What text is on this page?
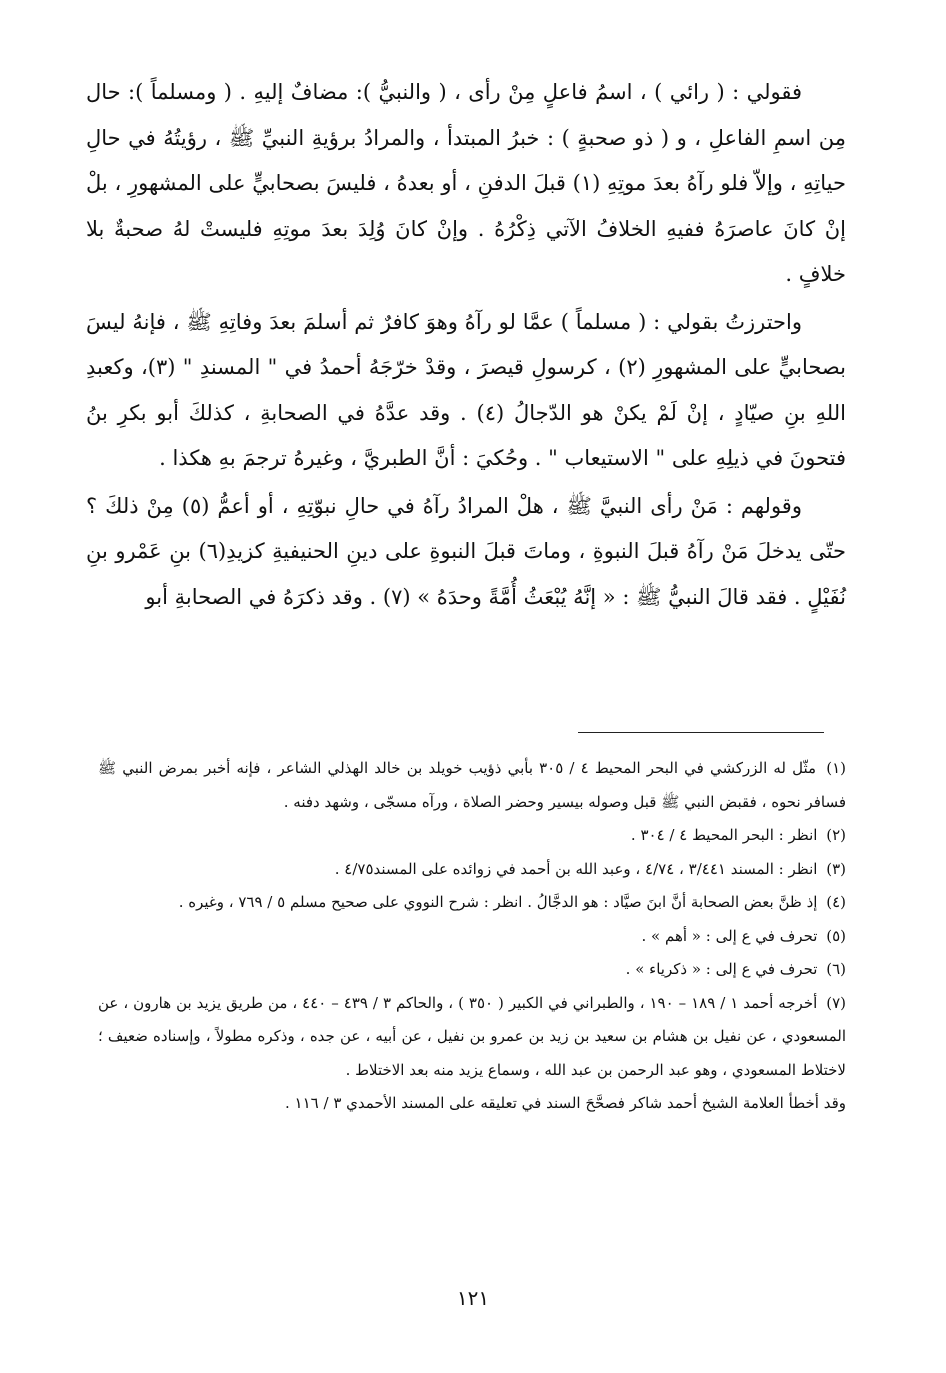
فقولي : ( رائي ) ، اسمُ فاعلٍ مِنْ رأى ، ( والنبيُّ ): مضافٌ إليهِ . ( ومسلماً ): حال مِن اسمِ الفاعلِ ، و ( ذو صحبةٍ ) : خبرُ المبتدأ ، والمرادُ برؤيةِ النبيِّ ﷺ ، رؤيتُهُ في حالِ حياتِهِ ، وإلاّ فلو رآهُ بعدَ موتِهِ (١) قبلَ الدفنِ ، أو بعدهُ ، فليسَ بصحابيٍّ على المشهورِ ، بلْ إنْ كانَ عاصرَهُ ففيهِ الخلافُ الآتي ذِكْرُهُ . وإنْ كانَ وُلِدَ بعدَ موتِهِ فليستْ لهُ صحبةٌ بلا خلافٍ .

واحترزتُ بقولي : ( مسلماً ) عمَّا لو رآهُ وهوَ كافرٌ ثم أسلمَ بعدَ وفاتِهِ ﷺ ، فإنهُ ليسَ بصحابيٍّ على المشهورِ (٢) ، كرسولِ قيصرَ ، وقدْ خرّجَهُ أحمدُ في " المسندِ " (٣)، وكعبدِ اللهِ بنِ صيّادٍ ، إنْ لَمْ يكنْ هو الدّجالُ (٤) . وقد عدَّهُ في الصحابةِ ، كذلكَ أبو بكرِ بنُ فتحونَ في ذيلِهِ على " الاستيعاب " . وحُكيَ : أنَّ الطبريَّ ، وغيرهُ ترجمَ بهِ هكذا .

وقولهم : مَنْ رأى النبيَّ ﷺ ، هلْ المرادُ رآهُ في حالِ نبوّتِهِ ، أو أعمُّ (٥) مِنْ ذلكَ ؟ حتّى يدخلَ مَنْ رآهُ قبلَ النبوةِ ، وماتَ قبلَ النبوةِ على دينِ الحنيفيةِ كزيدِ(٦) بنِ عَمْرو بنِ نُفَيْلٍ . فقد قالَ النبيُّ ﷺ : « إنَّهُ يُبْعَثُ أُمَّةً وحدَهُ » (٧) . وقد ذكرَهُ في الصحابةِ أبو

(١) مثّل له الزركشي في البحر المحيط ٤ / ٣٠٥ بأبي ذؤيب خويلد بن خالد الهذلي الشاعر ، فإنه أخبر بمرض النبي ﷺ فسافر نحوه ، فقبض النبي ﷺ قبل وصوله بيسير وحضر الصلاة ، ورآه مسجّى ، وشهد دفنه .

(٢) انظر : البحر المحيط ٤ / ٣٠٤ .

(٣) انظر : المسند ٣/٤٤١ ، ٤/٧٤ ، وعبد الله بن أحمد في زوائده على المسند٤/٧٥ .

(٤) إذ ظنَّ بعض الصحابة أنَّ ابنَ صيَّاد : هو الدجَّالُ . انظر : شرح النووي على صحيح مسلم ٥ / ٧٦٩ ، وغيره .

(٥) تحرف في ع إلى : « أهم » .

(٦) تحرف في ع إلى : « ذكرياء » .

(٧) أخرجه أحمد ١ / ١٨٩ – ١٩٠ ، والطبراني في الكبير ( ٣٥٠ ) ، والحاكم ٣ / ٤٣٩ – ٤٤٠ ، من طريق يزيد بن هارون ، عن المسعودي ، عن نفيل بن هشام بن سعيد بن زيد بن عمرو بن نفيل ، عن أبيه ، عن جده ، وذكره مطولاً ، وإسناده ضعيف ؛ لاختلاط المسعودي ، وهو عبد الرحمن بن عبد الله ، وسماع يزيد منه بعد الاختلاط .

وقد أخطأ العلامة الشيخ أحمد شاكر فصحَّحَ السند في تعليقه على المسند الأحمدي ٣ / ١١٦ .

١٢١
